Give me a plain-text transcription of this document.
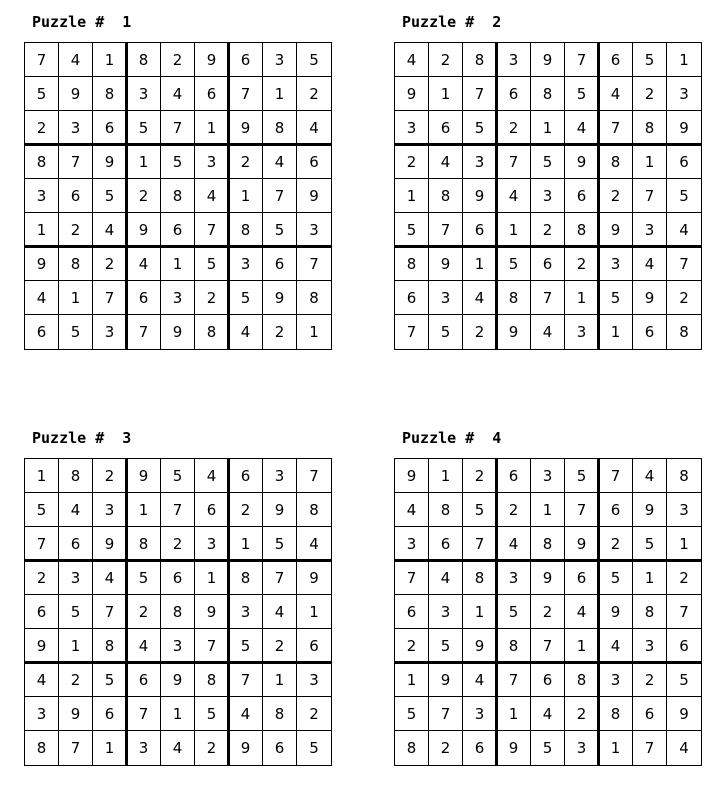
Puzzle #  1
7	4	1	8	2	9	6	3	5
5	9	8	3	4	6	7	1	2
2	3	6	5	7	1	9	8	4
8	7	9	1	5	3	2	4	6
3	6	5	2	8	4	1	7	9
1	2	4	9	6	7	8	5	3
9	8	2	4	1	5	3	6	7
4	1	7	6	3	2	5	9	8
6	5	3	7	9	8	4	2	1
Puzzle #  2
4	2	8	3	9	7	6	5	1
9	1	7	6	8	5	4	2	3
3	6	5	2	1	4	7	8	9
2	4	3	7	5	9	8	1	6
1	8	9	4	3	6	2	7	5
5	7	6	1	2	8	9	3	4
8	9	1	5	6	2	3	4	7
6	3	4	8	7	1	5	9	2
7	5	2	9	4	3	1	6	8
Puzzle #  3
1	8	2	9	5	4	6	3	7
5	4	3	1	7	6	2	9	8
7	6	9	8	2	3	1	5	4
2	3	4	5	6	1	8	7	9
6	5	7	2	8	9	3	4	1
9	1	8	4	3	7	5	2	6
4	2	5	6	9	8	7	1	3
3	9	6	7	1	5	4	8	2
8	7	1	3	4	2	9	6	5
Puzzle #  4
9	1	2	6	3	5	7	4	8
4	8	5	2	1	7	6	9	3
3	6	7	4	8	9	2	5	1
7	4	8	3	9	6	5	1	2
6	3	1	5	2	4	9	8	7
2	5	9	8	7	1	4	3	6
1	9	4	7	6	8	3	2	5
5	7	3	1	4	2	8	6	9
8	2	6	9	5	3	1	7	4
